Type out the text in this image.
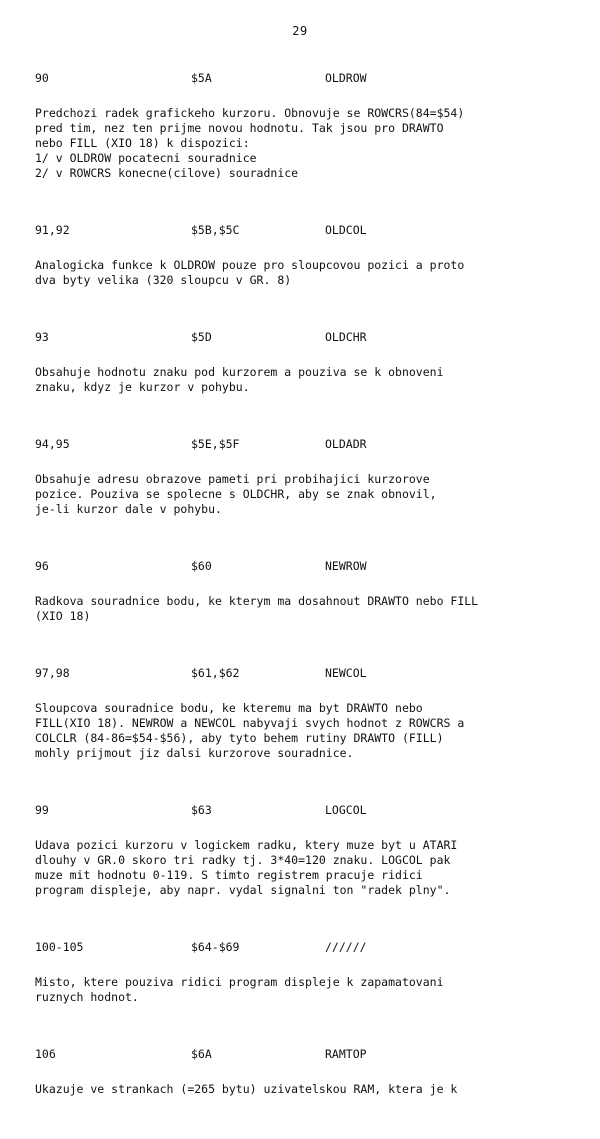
29
90	$5A	OLDROW

Predchozi radek grafickeho kurzoru. Obnovuje se ROWCRS(84=$54)

pred tim, nez ten prijme novou hodnotu. Tak jsou pro DRAWTO

nebo FILL (XIO 18) k dispozici:

1/ v OLDROW pocatecni souradnice

2/ v ROWCRS konecne(cilove) souradnice

91,92	$5B,$5C	OLDCOL

Analogicka funkce k OLDROW pouze pro sloupcovou pozici a proto

dva byty velika (320 sloupcu v GR. 8)

93	$5D	OLDCHR

Obsahuje hodnotu znaku pod kurzorem a pouziva se k obnoveni

znaku, kdyz je kurzor v pohybu.

94,95	$5E,$5F	OLDADR

Obsahuje adresu obrazove pameti pri probihajici kurzorove

pozice. Pouziva se spolecne s OLDCHR, aby se znak obnovil,

je-li kurzor dale v pohybu.

96	$60	NEWROW

Radkova souradnice bodu, ke kterym ma dosahnout DRAWTO nebo FILL

(XIO 18)

97,98	$61,$62	NEWCOL

Sloupcova souradnice bodu, ke kteremu ma byt DRAWTO nebo

FILL(XIO 18). NEWROW a NEWCOL nabyvaji svych hodnot z ROWCRS a

COLCLR (84-86=$54-$56), aby tyto behem rutiny DRAWTO (FILL)

mohly prijmout jiz dalsi kurzorove souradnice.

99	$63	LOGCOL

Udava pozici kurzoru v logickem radku, ktery muze byt u ATARI

dlouhy v GR.0 skoro tri radky tj. 3*40=120 znaku. LOGCOL pak

muze mit hodnotu 0-119. S timto registrem pracuje ridici

program displeje, aby napr. vydal signalni ton "radek plny".

100-105	$64-$69	//////

Misto, ktere pouziva ridici program displeje k zapamatovani

ruznych hodnot.

106	$6A	RAMTOP

Ukazuje ve strankach (=265 bytu) uzivatelskou RAM, ktera je k
